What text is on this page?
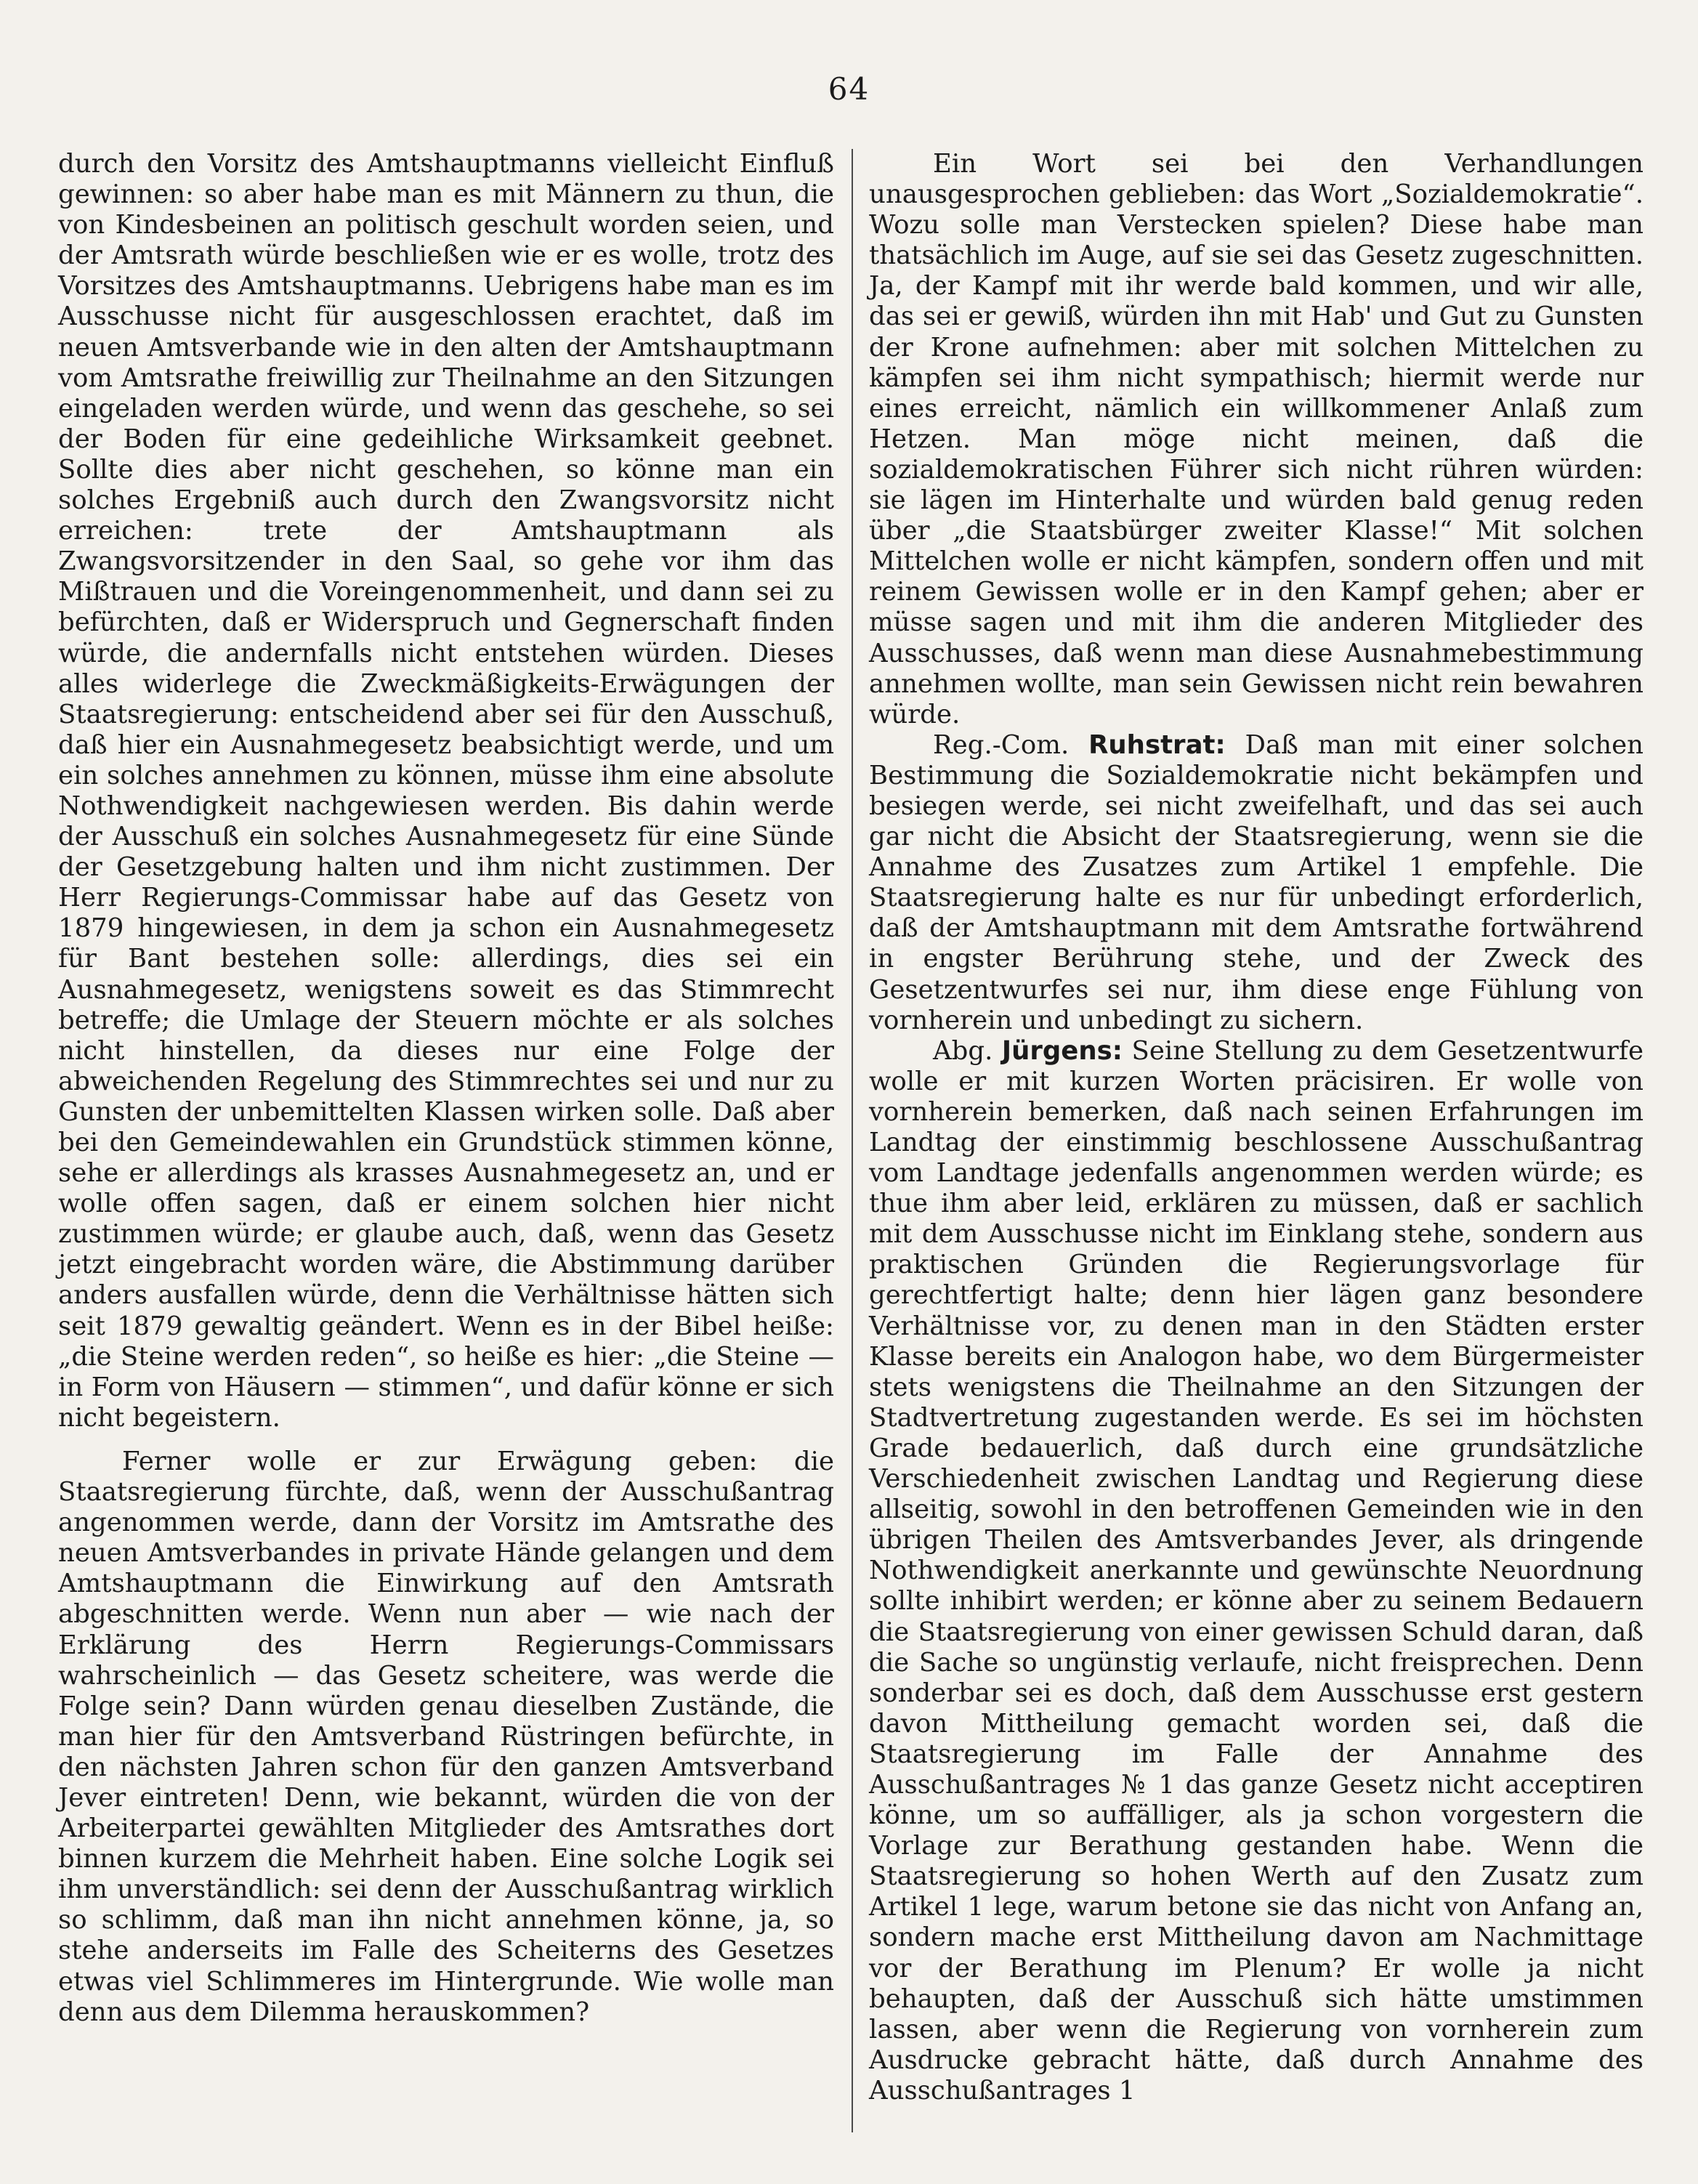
64

durch den Vorsitz des Amtshauptmanns vielleicht Einfluß gewinnen: so aber habe man es mit Männern zu thun, die von Kindesbeinen an politisch geschult worden seien, und der Amtsrath würde beschließen wie er es wolle, trotz des Vorsitzes des Amtshauptmanns. Uebrigens habe man es im Ausschusse nicht für ausgeschlossen erachtet, daß im neuen Amtsverbande wie in den alten der Amtshauptmann vom Amtsrathe freiwillig zur Theilnahme an den Sitzungen eingeladen werden würde, und wenn das geschehe, so sei der Boden für eine gedeihliche Wirksamkeit geebnet. Sollte dies aber nicht geschehen, so könne man ein solches Ergebniß auch durch den Zwangsvorsitz nicht erreichen: trete der Amtshauptmann als Zwangsvorsitzender in den Saal, so gehe vor ihm das Mißtrauen und die Voreingenommenheit, und dann sei zu befürchten, daß er Widerspruch und Gegnerschaft finden würde, die andernfalls nicht entstehen würden. Dieses alles widerlege die Zweckmäßigkeits-Erwägungen der Staatsregierung: entscheidend aber sei für den Ausschuß, daß hier ein Ausnahmegesetz beabsichtigt werde, und um ein solches annehmen zu können, müsse ihm eine absolute Nothwendigkeit nachgewiesen werden. Bis dahin werde der Ausschuß ein solches Ausnahmegesetz für eine Sünde der Gesetzgebung halten und ihm nicht zustimmen. Der Herr Regierungs-Commissar habe auf das Gesetz von 1879 hingewiesen, in dem ja schon ein Ausnahmegesetz für Bant bestehen solle: allerdings, dies sei ein Ausnahmegesetz, wenigstens soweit es das Stimmrecht betreffe; die Umlage der Steuern möchte er als solches nicht hinstellen, da dieses nur eine Folge der abweichenden Regelung des Stimmrechtes sei und nur zu Gunsten der unbemittelten Klassen wirken solle. Daß aber bei den Gemeindewahlen ein Grundstück stimmen könne, sehe er allerdings als krasses Ausnahmegesetz an, und er wolle offen sagen, daß er einem solchen hier nicht zustimmen würde; er glaube auch, daß, wenn das Gesetz jetzt eingebracht worden wäre, die Abstimmung darüber anders ausfallen würde, denn die Verhältnisse hätten sich seit 1879 gewaltig geändert. Wenn es in der Bibel heiße: „die Steine werden reden“, so heiße es hier: „die Steine — in Form von Häusern — stimmen“, und dafür könne er sich nicht begeistern.

Ferner wolle er zur Erwägung geben: die Staatsregierung fürchte, daß, wenn der Ausschußantrag angenommen werde, dann der Vorsitz im Amtsrathe des neuen Amtsverbandes in private Hände gelangen und dem Amtshauptmann die Einwirkung auf den Amtsrath abgeschnitten werde. Wenn nun aber — wie nach der Erklärung des Herrn Regierungs-Commissars wahrscheinlich — das Gesetz scheitere, was werde die Folge sein? Dann würden genau dieselben Zustände, die man hier für den Amtsverband Rüstringen befürchte, in den nächsten Jahren schon für den ganzen Amtsverband Jever eintreten! Denn, wie bekannt, würden die von der Arbeiterpartei gewählten Mitglieder des Amtsrathes dort binnen kurzem die Mehrheit haben. Eine solche Logik sei ihm unverständlich: sei denn der Ausschußantrag wirklich so schlimm, daß man ihn nicht annehmen könne, ja, so stehe anderseits im Falle des Scheiterns des Gesetzes etwas viel Schlimmeres im Hintergrunde. Wie wolle man denn aus dem Dilemma herauskommen?

Ein Wort sei bei den Verhandlungen unausgesprochen geblieben: das Wort „Sozialdemokratie“. Wozu solle man Verstecken spielen? Diese habe man thatsächlich im Auge, auf sie sei das Gesetz zugeschnitten. Ja, der Kampf mit ihr werde bald kommen, und wir alle, das sei er gewiß, würden ihn mit Hab' und Gut zu Gunsten der Krone aufnehmen: aber mit solchen Mittelchen zu kämpfen sei ihm nicht sympathisch; hiermit werde nur eines erreicht, nämlich ein willkommener Anlaß zum Hetzen. Man möge nicht meinen, daß die sozialdemokratischen Führer sich nicht rühren würden: sie lägen im Hinterhalte und würden bald genug reden über „die Staatsbürger zweiter Klasse!“ Mit solchen Mittelchen wolle er nicht kämpfen, sondern offen und mit reinem Gewissen wolle er in den Kampf gehen; aber er müsse sagen und mit ihm die anderen Mitglieder des Ausschusses, daß wenn man diese Ausnahmebestimmung annehmen wollte, man sein Gewissen nicht rein bewahren würde.

Reg.-Com. Ruhstrat: Daß man mit einer solchen Bestimmung die Sozialdemokratie nicht bekämpfen und besiegen werde, sei nicht zweifelhaft, und das sei auch gar nicht die Absicht der Staatsregierung, wenn sie die Annahme des Zusatzes zum Artikel 1 empfehle. Die Staatsregierung halte es nur für unbedingt erforderlich, daß der Amtshauptmann mit dem Amtsrathe fortwährend in engster Berührung stehe, und der Zweck des Gesetzentwurfes sei nur, ihm diese enge Fühlung von vornherein und unbedingt zu sichern.

Abg. Jürgens: Seine Stellung zu dem Gesetzentwurfe wolle er mit kurzen Worten präcisiren. Er wolle von vornherein bemerken, daß nach seinen Erfahrungen im Landtag der einstimmig beschlossene Ausschußantrag vom Landtage jedenfalls angenommen werden würde; es thue ihm aber leid, erklären zu müssen, daß er sachlich mit dem Ausschusse nicht im Einklang stehe, sondern aus praktischen Gründen die Regierungsvorlage für gerechtfertigt halte; denn hier lägen ganz besondere Verhältnisse vor, zu denen man in den Städten erster Klasse bereits ein Analogon habe, wo dem Bürgermeister stets wenigstens die Theilnahme an den Sitzungen der Stadtvertretung zugestanden werde. Es sei im höchsten Grade bedauerlich, daß durch eine grundsätzliche Verschiedenheit zwischen Landtag und Regierung diese allseitig, sowohl in den betroffenen Gemeinden wie in den übrigen Theilen des Amtsverbandes Jever, als dringende Nothwendigkeit anerkannte und gewünschte Neuordnung sollte inhibirt werden; er könne aber zu seinem Bedauern die Staatsregierung von einer gewissen Schuld daran, daß die Sache so ungünstig verlaufe, nicht freisprechen. Denn sonderbar sei es doch, daß dem Ausschusse erst gestern davon Mittheilung gemacht worden sei, daß die Staatsregierung im Falle der Annahme des Ausschußantrages № 1 das ganze Gesetz nicht acceptiren könne, um so auffälliger, als ja schon vorgestern die Vorlage zur Berathung gestanden habe. Wenn die Staatsregierung so hohen Werth auf den Zusatz zum Artikel 1 lege, warum betone sie das nicht von Anfang an, sondern mache erst Mittheilung davon am Nachmittage vor der Berathung im Plenum? Er wolle ja nicht behaupten, daß der Ausschuß sich hätte umstimmen lassen, aber wenn die Regierung von vornherein zum Ausdrucke gebracht hätte, daß durch Annahme des Ausschußantrages 1
